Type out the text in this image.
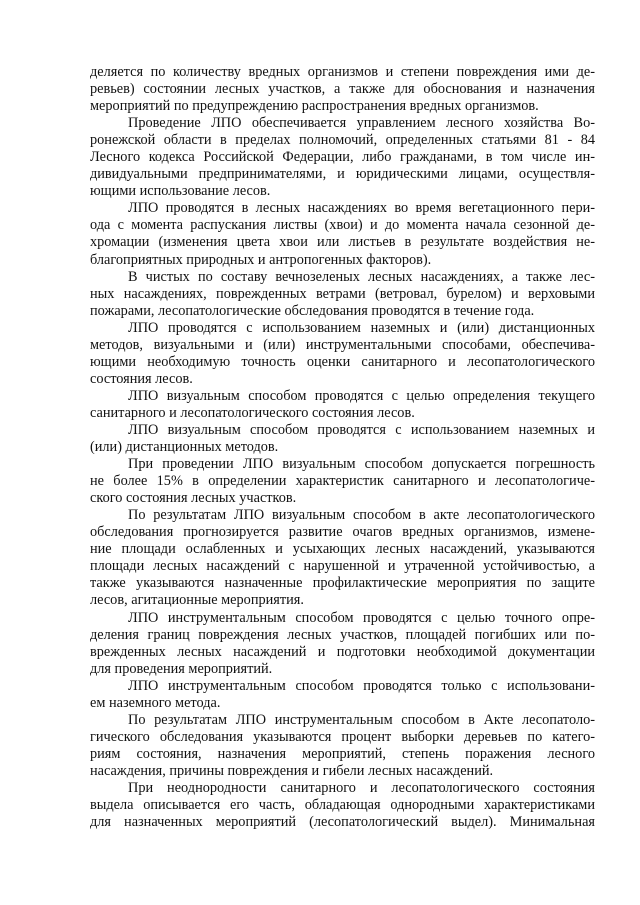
деляется по количеству вредных организмов и степени повреждения ими де-
ревьев) состоянии лесных участков, а также для обоснования и назначения
мероприятий по предупреждению распространения вредных организмов.
Проведение ЛПО обеспечивается управлением лесного хозяйства Во-
ронежской области в пределах полномочий, определенных статьями 81 - 84
Лесного кодекса Российской Федерации, либо гражданами, в том числе ин-
дивидуальными предпринимателями, и юридическими лицами, осуществля-
ющими использование лесов.
ЛПО проводятся в лесных насаждениях во время вегетационного пери-
ода с момента распускания листвы (хвои) и до момента начала сезонной де-
хромации (изменения цвета хвои или листьев в результате воздействия не-
благоприятных природных и антропогенных факторов).
В чистых по составу вечнозеленых лесных насаждениях, а также лес-
ных насаждениях, поврежденных ветрами (ветровал, бурелом) и верховыми
пожарами, лесопатологические обследования проводятся в течение года.
ЛПО проводятся с использованием наземных и (или) дистанционных
методов, визуальными и (или) инструментальными способами, обеспечива-
ющими необходимую точность оценки санитарного и лесопатологического
состояния лесов.
ЛПО визуальным способом проводятся с целью определения текущего
санитарного и лесопатологического состояния лесов.
ЛПО визуальным способом проводятся с использованием наземных и
(или) дистанционных методов.
При проведении ЛПО визуальным способом допускается погрешность
не более 15% в определении характеристик санитарного и лесопатологиче-
ского состояния лесных участков.
По результатам ЛПО визуальным способом в акте лесопатологического
обследования прогнозируется развитие очагов вредных организмов, измене-
ние площади ослабленных и усыхающих лесных насаждений, указываются
площади лесных насаждений с нарушенной и утраченной устойчивостью, а
также указываются назначенные профилактические мероприятия по защите
лесов, агитационные мероприятия.
ЛПО инструментальным способом проводятся с целью точного опре-
деления границ повреждения лесных участков, площадей погибших или по-
врежденных лесных насаждений и подготовки необходимой документации
для проведения мероприятий.
ЛПО инструментальным способом проводятся только с использовани-
ем наземного метода.
По результатам ЛПО инструментальным способом в Акте лесопатоло-
гического обследования указываются процент выборки деревьев по катего-
риям состояния, назначения мероприятий, степень поражения лесного
насаждения, причины повреждения и гибели лесных насаждений.
При неоднородности санитарного и лесопатологического состояния
выдела описывается его часть, обладающая однородными характеристиками
для назначенных мероприятий (лесопатологический выдел). Минимальная
